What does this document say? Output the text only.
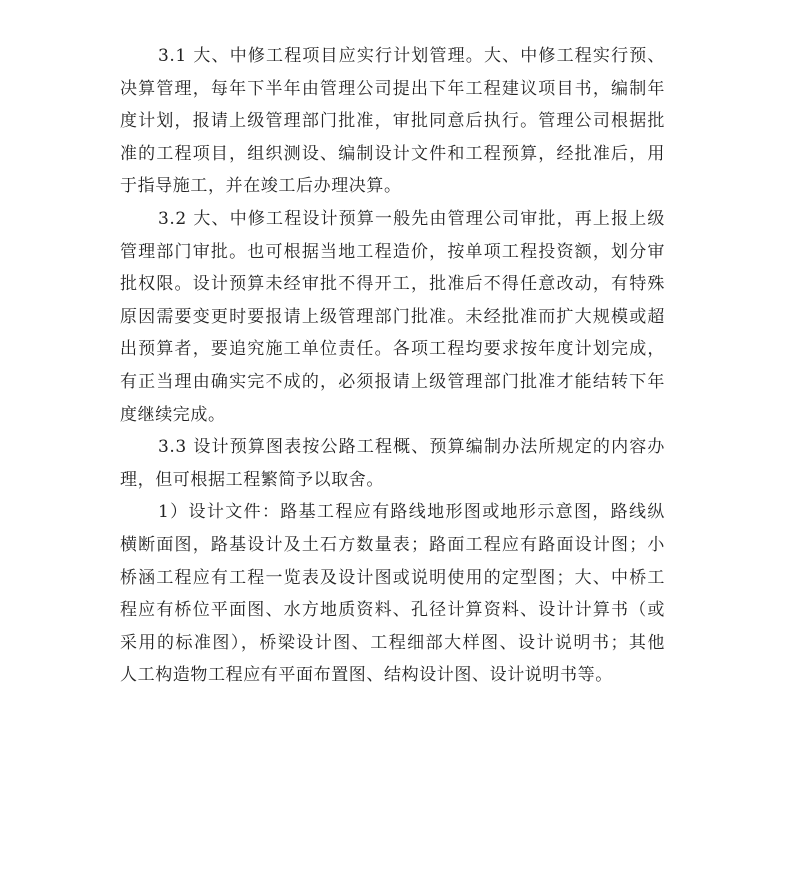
3.1 大、中修工程项目应实行计划管理。大、中修工程实行预、
决算管理，每年下半年由管理公司提出下年工程建议项目书，编制年
度计划，报请上级管理部门批准，审批同意后执行。管理公司根据批
准的工程项目，组织测设、编制设计文件和工程预算，经批准后，用
于指导施工，并在竣工后办理决算。
3.2 大、中修工程设计预算一般先由管理公司审批，再上报上级
管理部门审批。也可根据当地工程造价，按单项工程投资额，划分审
批权限。设计预算未经审批不得开工，批准后不得任意改动，有特殊
原因需要变更时要报请上级管理部门批准。未经批准而扩大规模或超
出预算者，要追究施工单位责任。各项工程均要求按年度计划完成，
有正当理由确实完不成的，必须报请上级管理部门批准才能结转下年
度继续完成。
3.3 设计预算图表按公路工程概、预算编制办法所规定的内容办
理，但可根据工程繁简予以取舍。
1）设计文件：路基工程应有路线地形图或地形示意图，路线纵
横断面图，路基设计及土石方数量表；路面工程应有路面设计图；小
桥涵工程应有工程一览表及设计图或说明使用的定型图；大、中桥工
程应有桥位平面图、水方地质资料、孔径计算资料、设计计算书（或
采用的标准图），桥梁设计图、工程细部大样图、设计说明书；其他
人工构造物工程应有平面布置图、结构设计图、设计说明书等。
